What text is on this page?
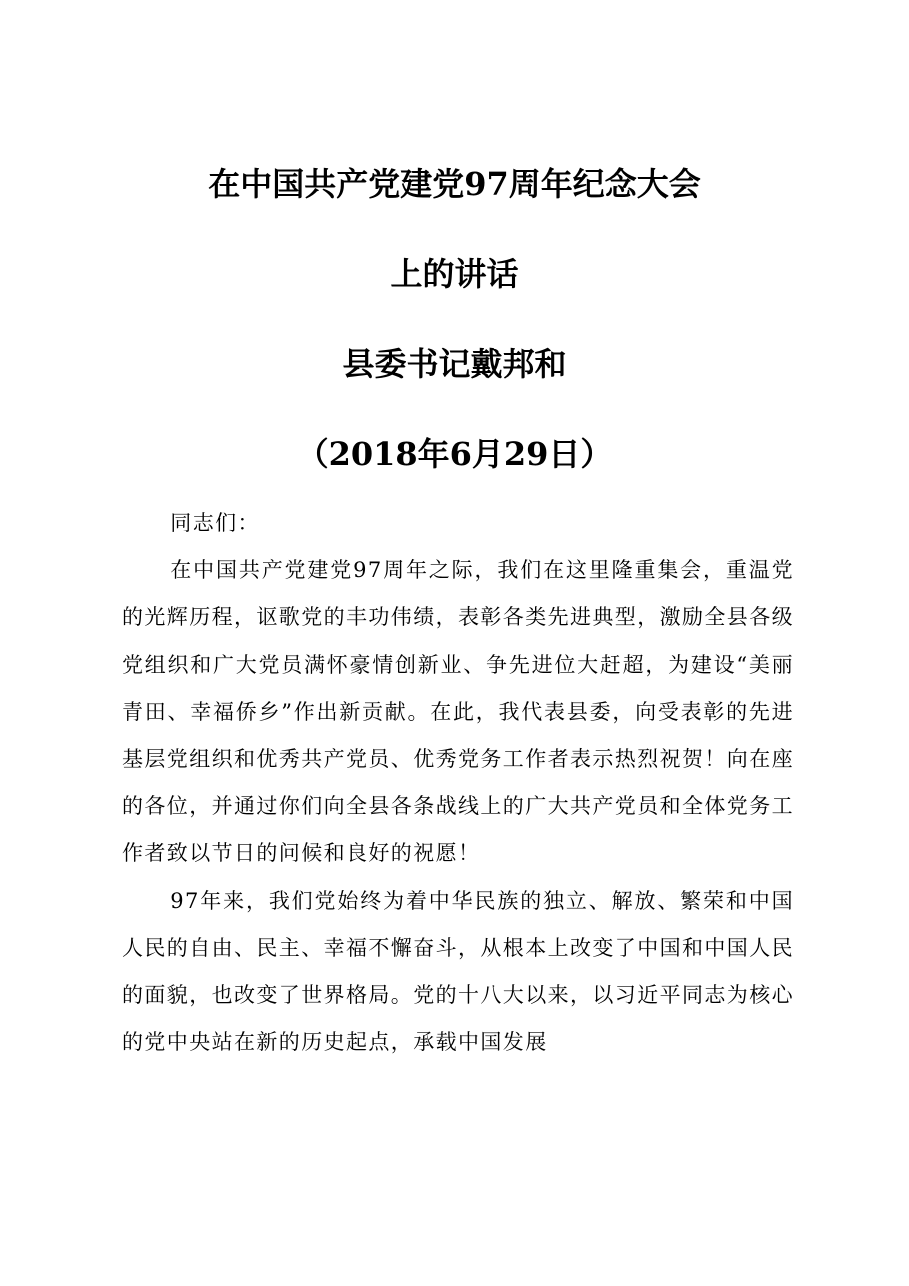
在中国共产党建党97周年纪念大会
上的讲话
县委书记戴邦和
（2018年6月29日）

同志们：

在中国共产党建党97周年之际，我们在这里隆重集会，重温党的光辉历程，讴歌党的丰功伟绩，表彰各类先进典型，激励全县各级党组织和广大党员满怀豪情创新业、争先进位大赶超，为建设“美丽青田、幸福侨乡”作出新贡献。在此，我代表县委，向受表彰的先进基层党组织和优秀共产党员、优秀党务工作者表示热烈祝贺！向在座的各位，并通过你们向全县各条战线上的广大共产党员和全体党务工作者致以节日的问候和良好的祝愿！

97年来，我们党始终为着中华民族的独立、解放、繁荣和中国人民的自由、民主、幸福不懈奋斗，从根本上改变了中国和中国人民的面貌，也改变了世界格局。党的十八大以来，以习近平同志为核心的党中央站在新的历史起点，承载中国发展
